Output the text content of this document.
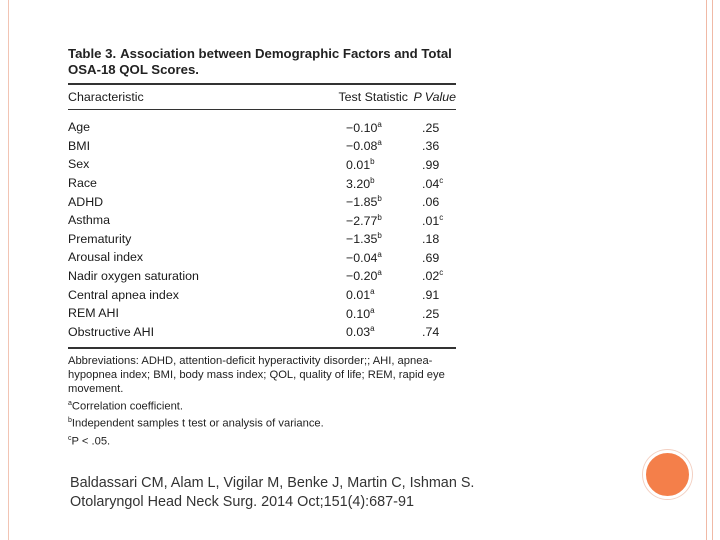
Table 3. Association between Demographic Factors and Total OSA-18 QOL Scores.
Characteristic	Test Statistic P Value
Age	−0.10$^a$	.25
BMI	−0.08$^a$	.36
Sex	0.01$^b$	.99
Race	3.20$^b$	.04$^c$
ADHD	−1.85$^b$	.06
Asthma	−2.77$^b$	.01$^c$
Prematurity	−1.35$^b$	.18
Arousal index	−0.04$^a$	.69
Nadir oxygen saturation	−0.20$^a$	.02$^c$
Central apnea index	0.01$^a$	.91
REM AHI	0.10$^a$	.25
Obstructive AHI	0.03$^a$	.74
Abbreviations: ADHD, attention-deficit hyperactivity disorder;; AHI, apnea-hypopnea index; BMI, body mass index; QOL, quality of life; REM, rapid eye movement.
$^a$Correlation coefficient.
$^b$Independent samples t test or analysis of variance.
$^c$P < .05.
Baldassari CM, Alam L, Vigilar M, Benke J, Martin C, Ishman S.
Otolaryngol Head Neck Surg. 2014 Oct;151(4):687-91
